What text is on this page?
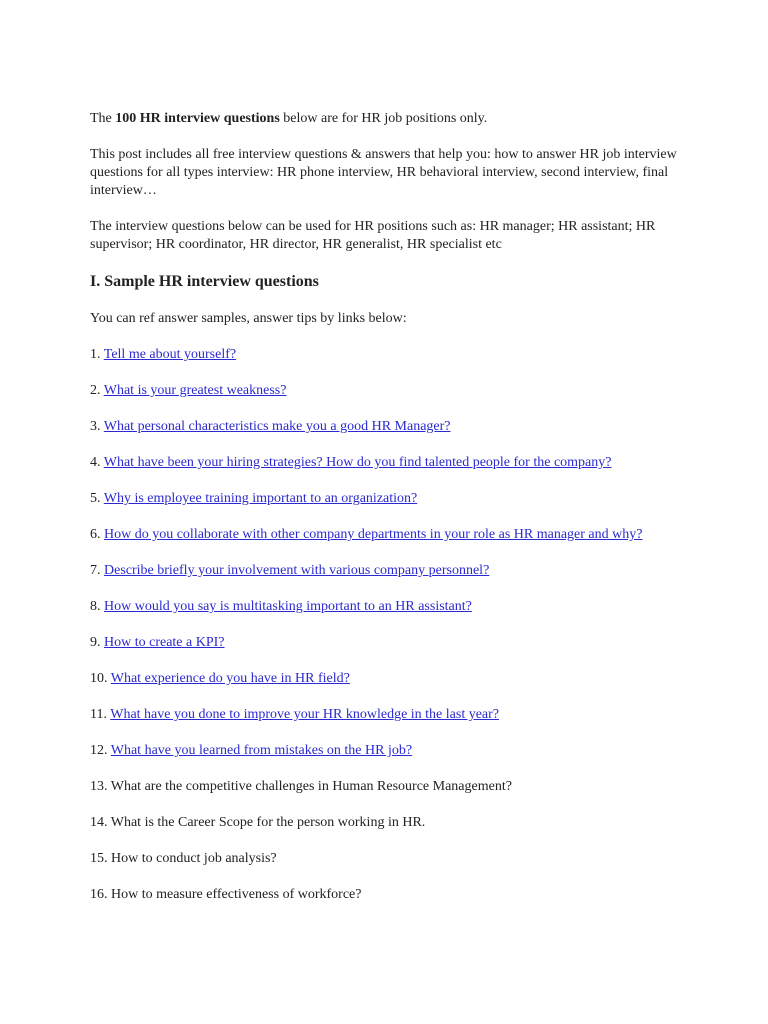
The 100 HR interview questions below are for HR job positions only.

This post includes all free interview questions & answers that help you: how to answer HR job interview questions for all types interview: HR phone interview, HR behavioral interview, second interview, final interview…

The interview questions below can be used for HR positions such as: HR manager; HR assistant; HR supervisor; HR coordinator, HR director, HR generalist, HR specialist etc

I. Sample HR interview questions

You can ref answer samples, answer tips by links below:

1. Tell me about yourself?

2. What is your greatest weakness?

3. What personal characteristics make you a good HR Manager?

4. What have been your hiring strategies? How do you find talented people for the company?

5. Why is employee training important to an organization?

6. How do you collaborate with other company departments in your role as HR manager and why?

7. Describe briefly your involvement with various company personnel?

8. How would you say is multitasking important to an HR assistant?

9. How to create a KPI?

10. What experience do you have in HR field?

11. What have you done to improve your HR knowledge in the last year?

12. What have you learned from mistakes on the HR job?

13. What are the competitive challenges in Human Resource Management?

14. What is the Career Scope for the person working in HR.

15. How to conduct job analysis?

16. How to measure effectiveness of workforce?
